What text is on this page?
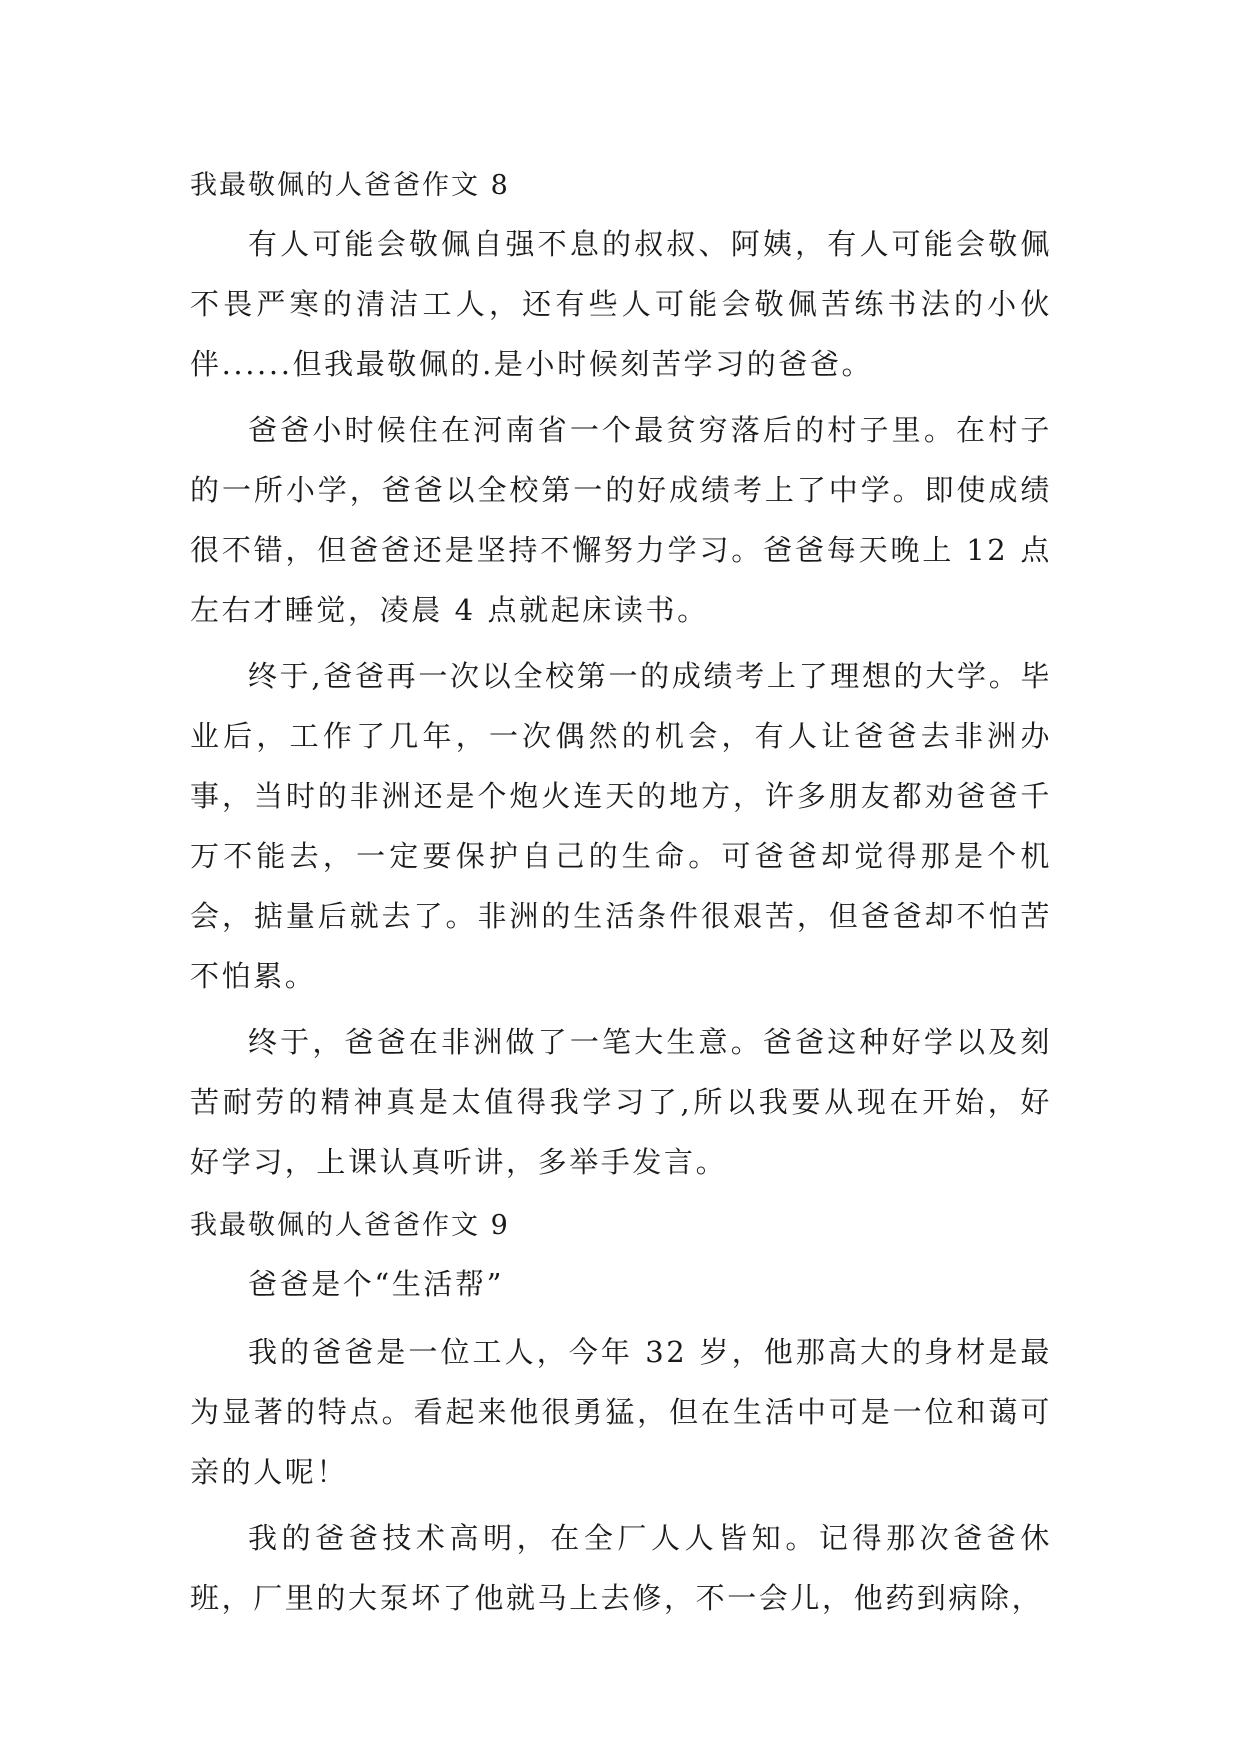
我最敬佩的人爸爸作文 8

有人可能会敬佩自强不息的叔叔、阿姨，有人可能会敬佩不畏严寒的清洁工人，还有些人可能会敬佩苦练书法的小伙伴......但我最敬佩的.是小时候刻苦学习的爸爸。

爸爸小时候住在河南省一个最贫穷落后的村子里。在村子的一所小学，爸爸以全校第一的好成绩考上了中学。即使成绩很不错，但爸爸还是坚持不懈努力学习。爸爸每天晚上 12 点左右才睡觉，凌晨 4 点就起床读书。

终于,爸爸再一次以全校第一的成绩考上了理想的大学。毕业后，工作了几年，一次偶然的机会，有人让爸爸去非洲办事，当时的非洲还是个炮火连天的地方，许多朋友都劝爸爸千万不能去，一定要保护自己的生命。可爸爸却觉得那是个机会，掂量后就去了。非洲的生活条件很艰苦，但爸爸却不怕苦不怕累。

终于，爸爸在非洲做了一笔大生意。爸爸这种好学以及刻苦耐劳的精神真是太值得我学习了,所以我要从现在开始，好好学习，上课认真听讲，多举手发言。

我最敬佩的人爸爸作文 9

爸爸是个“生活帮”

我的爸爸是一位工人，今年 32 岁，他那高大的身材是最为显著的特点。看起来他很勇猛，但在生活中可是一位和蔼可亲的人呢！

我的爸爸技术高明，在全厂人人皆知。记得那次爸爸休班，厂里的大泵坏了他就马上去修，不一会儿，他药到病除，
